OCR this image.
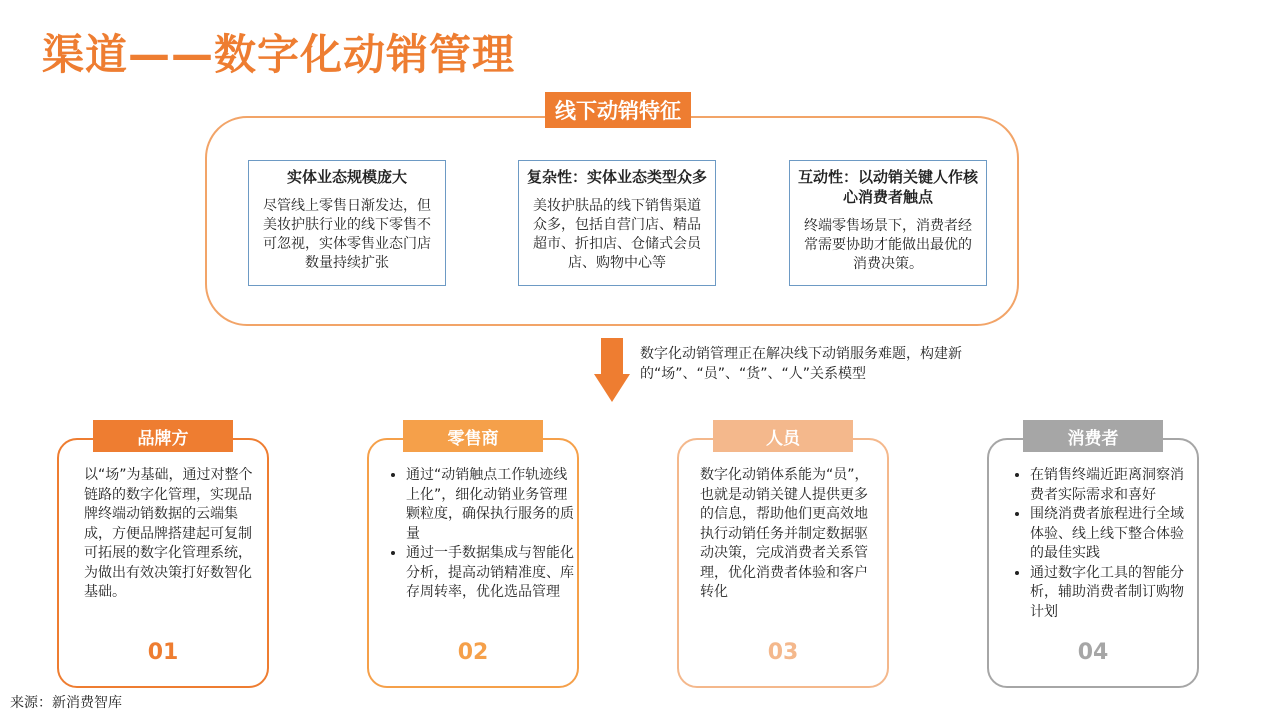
渠道——数字化动销管理
线下动销特征
实体业态规模庞大
尽管线上零售日渐发达，但美妆护肤行业的线下零售不可忽视，实体零售业态门店数量持续扩张
复杂性：实体业态类型众多
美妆护肤品的线下销售渠道众多，包括自营门店、精品超市、折扣店、仓储式会员店、购物中心等
互动性：以动销关键人作核心消费者触点
终端零售场景下，消费者经常需要协助才能做出最优的消费决策。
数字化动销管理正在解决线下动销服务难题，构建新的“场”、“员”、“货”、“人”关系模型
品牌方
以“场”为基础，通过对整个链路的数字化管理，实现品牌终端动销数据的云端集成，方便品牌搭建起可复制可拓展的数字化管理系统，为做出有效决策打好数智化基础。
01
零售商
• 通过“动销触点工作轨迹线上化”，细化动销业务管理颗粒度，确保执行服务的质量
• 通过一手数据集成与智能化分析，提高动销精准度、库存周转率，优化选品管理
02
人员
数字化动销体系能为“员”，也就是动销关键人提供更多的信息，帮助他们更高效地执行动销任务并制定数据驱动决策，完成消费者关系管理，优化消费者体验和客户转化
03
消费者
• 在销售终端近距离洞察消费者实际需求和喜好
• 围绕消费者旅程进行全域体验、线上线下整合体验的最佳实践
• 通过数字化工具的智能分析，辅助消费者制订购物计划
04
来源：新消费智库
